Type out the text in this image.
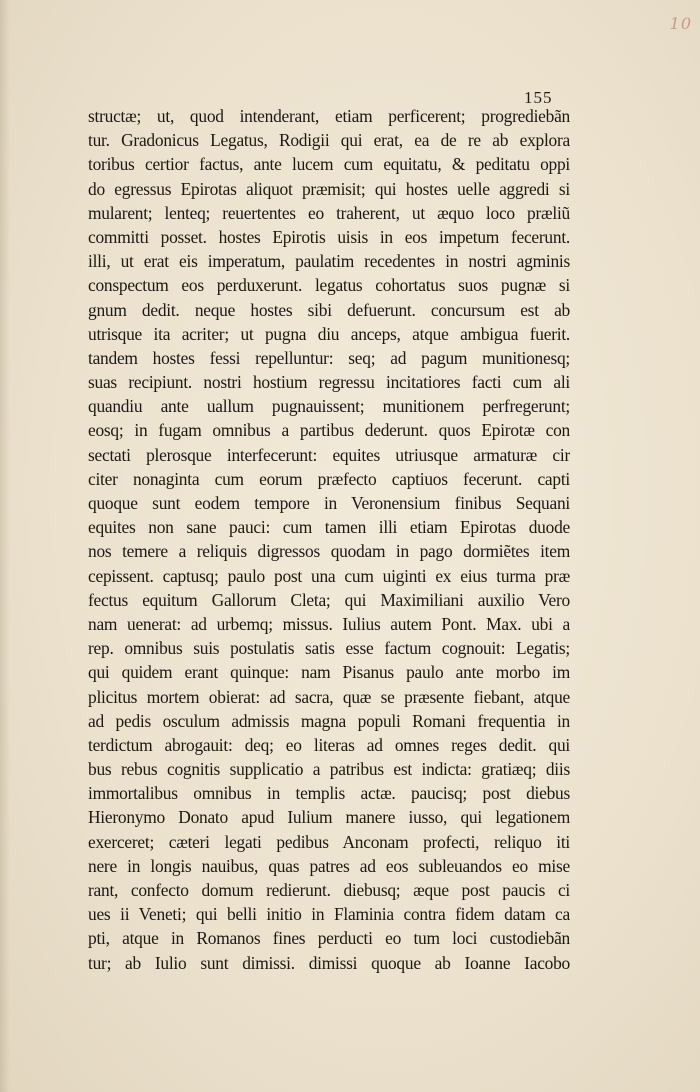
10
155
structæ; ut, quod intenderant, etiam perficerent; progrediebãn
tur. Gradonicus Legatus, Rodigii qui erat, ea de re ab explora
toribus certior factus, ante lucem cum equitatu, & peditatu oppi
do egressus Epirotas aliquot præmisit; qui hostes uelle aggredi si
mularent; lenteq; reuertentes eo traherent, ut æquo loco præliũ
committi posset. hostes Epirotis uisis in eos impetum fecerunt.
illi, ut erat eis imperatum, paulatim recedentes in nostri agminis
conspectum eos perduxerunt. legatus cohortatus suos pugnæ si
gnum dedit. neque hostes sibi defuerunt. concursum est ab
utrisque ita acriter; ut pugna diu anceps, atque ambigua fuerit.
tandem hostes fessi repelluntur: seq; ad pagum munitionesq;
suas recipiunt. nostri hostium regressu incitatiores facti cum ali
quandiu ante uallum pugnauissent; munitionem perfregerunt;
eosq; in fugam omnibus a partibus dederunt. quos Epirotæ con
sectati plerosque interfecerunt: equites utriusque armaturæ cir
citer nonaginta cum eorum præfecto captiuos fecerunt. capti
quoque sunt eodem tempore in Veronensium finibus Sequani
equites non sane pauci: cum tamen illi etiam Epirotas duode
nos temere a reliquis digressos quodam in pago dormiẽtes item
cepissent. captusq; paulo post una cum uiginti ex eius turma præ
fectus equitum Gallorum Cleta; qui Maximiliani auxilio Vero
nam uenerat: ad urbemq; missus. Iulius autem Pont. Max. ubi a
rep. omnibus suis postulatis satis esse factum cognouit: Legatis;
qui quidem erant quinque: nam Pisanus paulo ante morbo im
plicitus mortem obierat: ad sacra, quæ se præsente fiebant, atque
ad pedis osculum admissis magna populi Romani frequentia in
terdictum abrogauit: deq; eo literas ad omnes reges dedit. qui
bus rebus cognitis supplicatio a patribus est indicta: gratiæq; diis
immortalibus omnibus in templis actæ. paucisq; post diebus
Hieronymo Donato apud Iulium manere iusso, qui legationem
exerceret; cæteri legati pedibus Anconam profecti, reliquo iti
nere in longis nauibus, quas patres ad eos subleuandos eo mise
rant, confecto domum redierunt. diebusq; æque post paucis ci
ues ii Veneti; qui belli initio in Flaminia contra fidem datam ca
pti, atque in Romanos fines perducti eo tum loci custodiebãn
tur; ab Iulio sunt dimissi. dimissi quoque ab Ioanne Iacobo
